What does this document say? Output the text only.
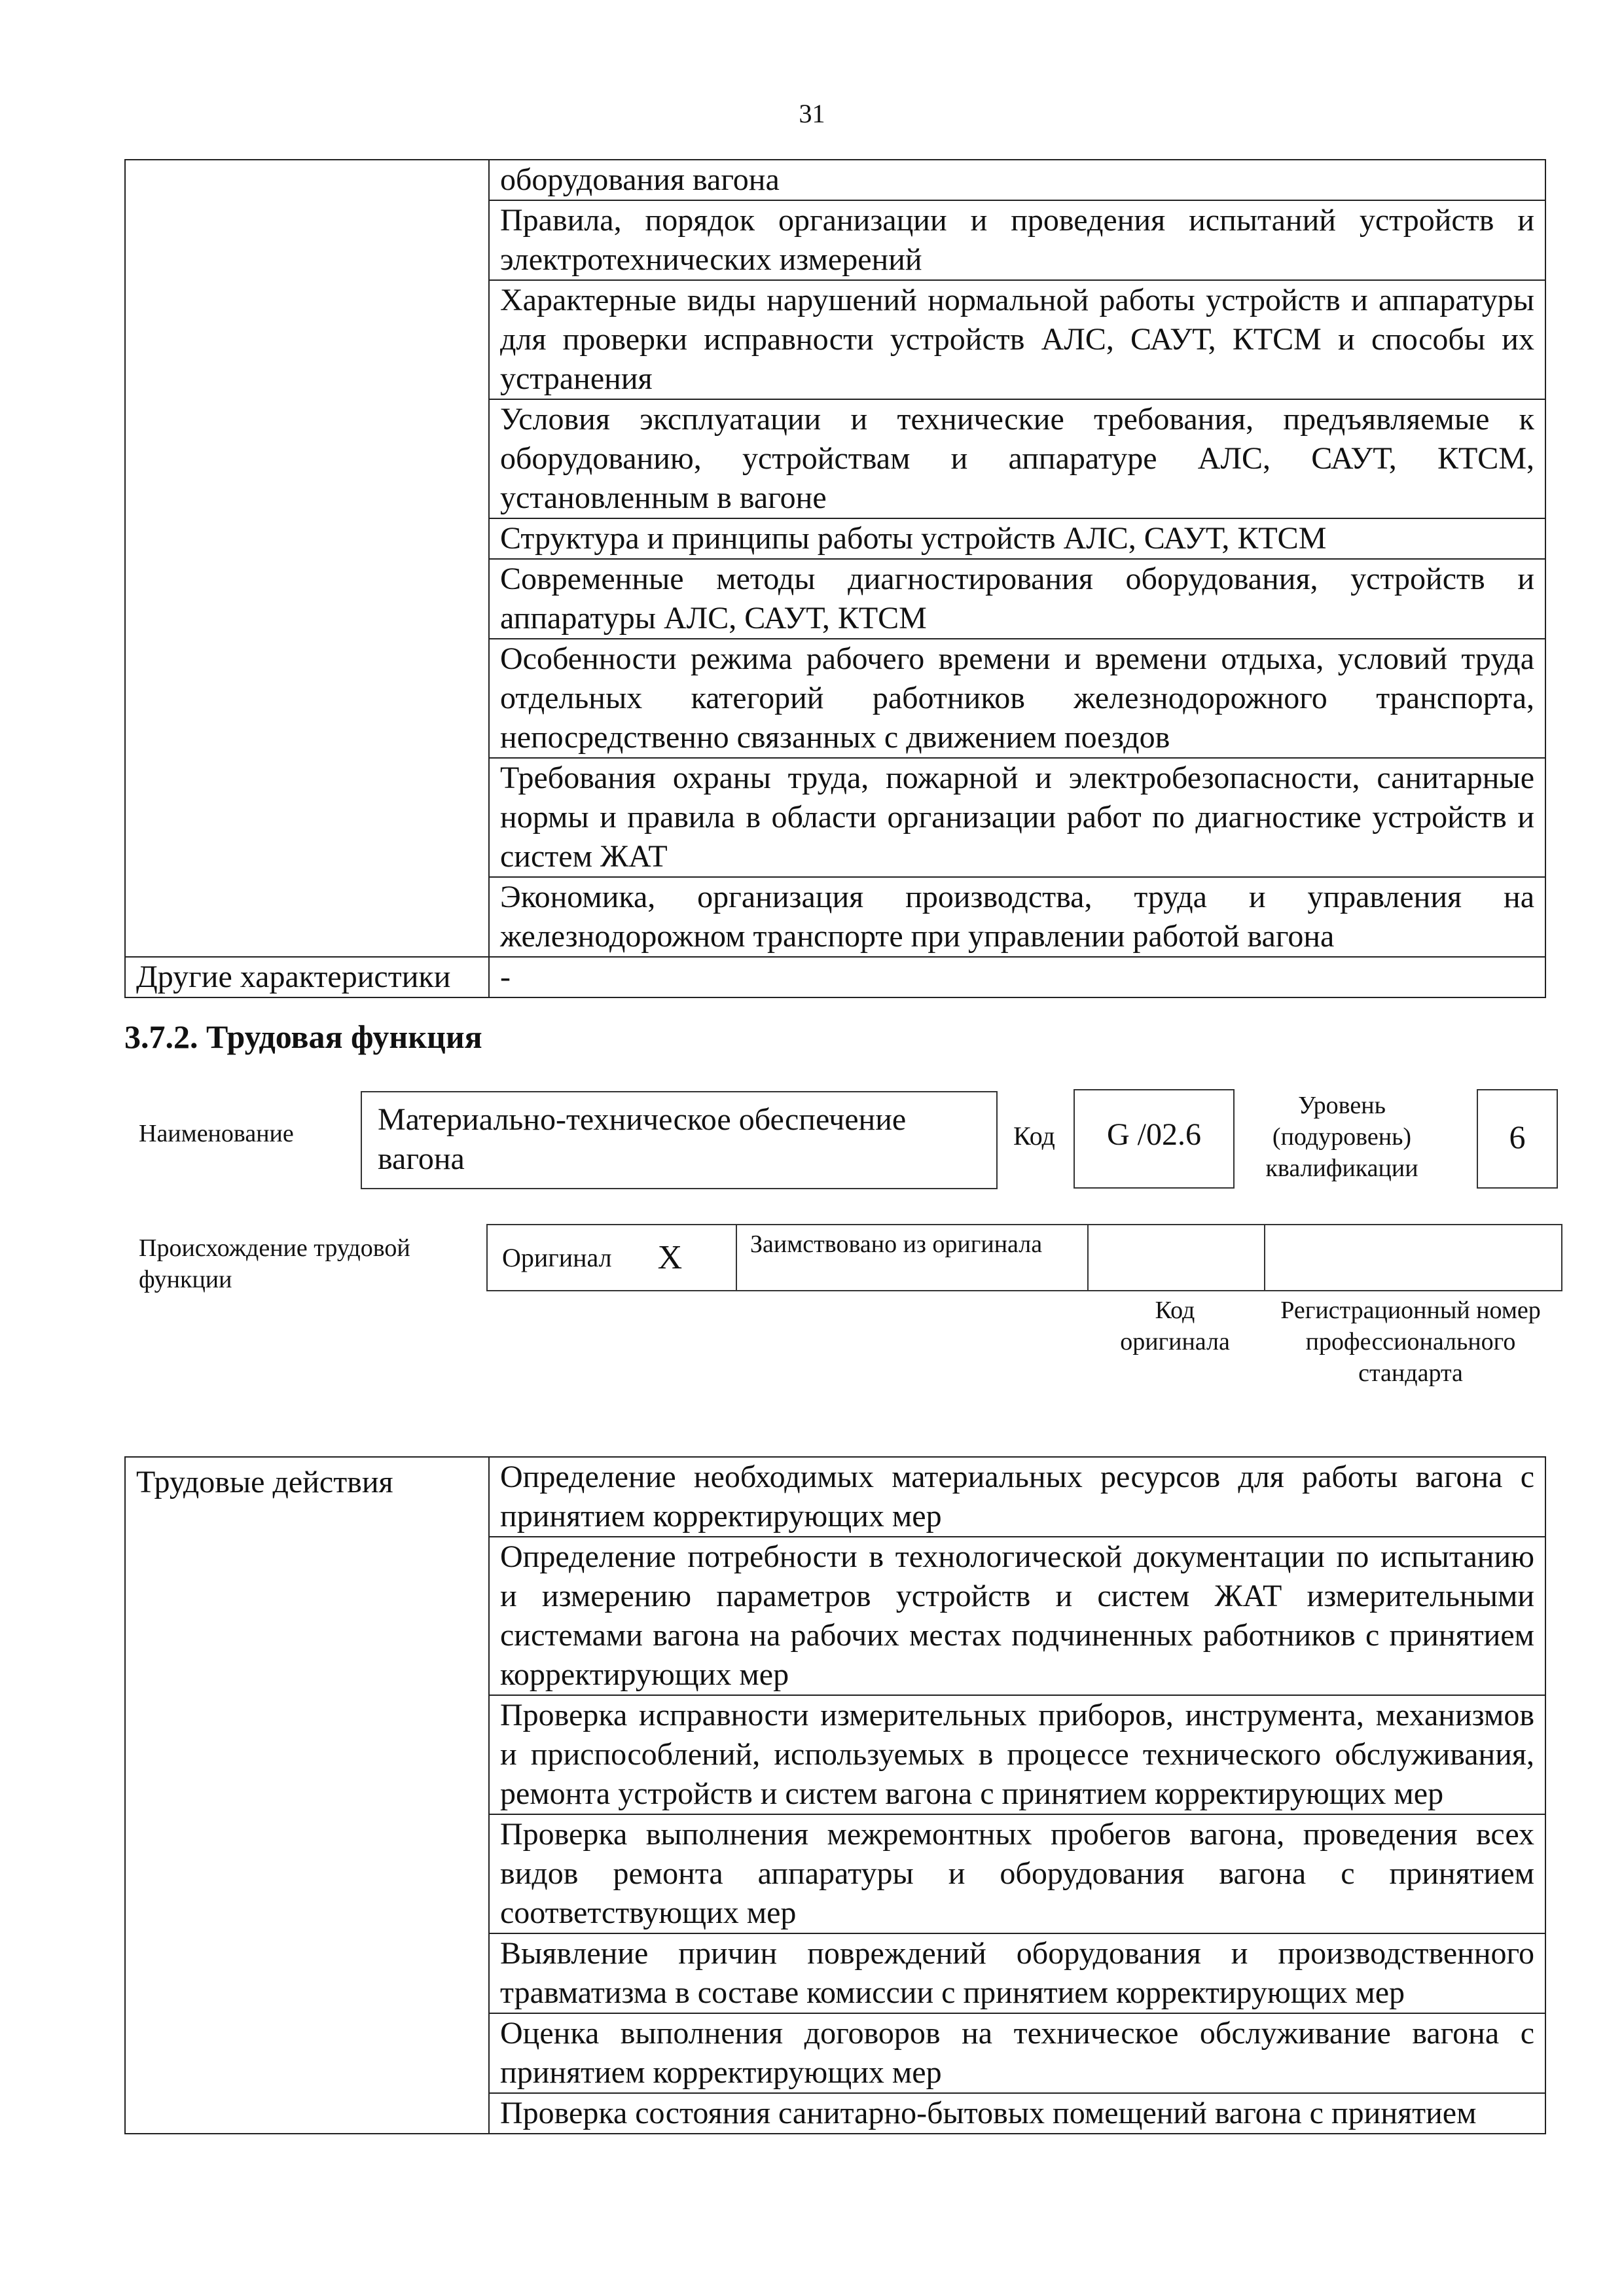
31
	оборудования вагона
	Правила, порядок организации и проведения испытаний устройств и электротехнических измерений
	Характерные виды нарушений нормальной работы устройств и аппаратуры для проверки исправности устройств АЛС, САУТ, КТСМ и способы их устранения
	Условия эксплуатации и технические требования, предъявляемые к оборудованию, устройствам и аппаратуре АЛС, САУТ, КТСМ, установленным в вагоне
	Структура и принципы работы устройств АЛС, САУТ, КТСМ
	Современные методы диагностирования оборудования, устройств и аппаратуры АЛС, САУТ, КТСМ
	Особенности режима рабочего времени и времени отдыха, условий труда отдельных категорий работников железнодорожного транспорта, непосредственно связанных с движением поездов
	Требования охраны труда, пожарной и электробезопасности, санитарные нормы и правила в области организации работ по диагностике устройств и систем ЖАТ
	Экономика, организация производства, труда и управления на железнодорожном транспорте при управлении работой вагона
Другие характеристики	-
3.7.2. Трудовая функция
Наименование	Материально-техническое обеспечение вагона
Код G /02.6
Уровень (подуровень) квалификации
6
Происхождение трудовой функции
Оригинал X	Заимствовано из оригинала
Код оригинала
Регистрационный номер профессионального стандарта
Трудовые действия	Определение необходимых материальных ресурсов для работы вагона с принятием корректирующих мер
Определение потребности в технологической документации по испытанию и измерению параметров устройств и систем ЖАТ измерительными системами вагона на рабочих местах подчиненных работников с принятием корректирующих мер
Проверка исправности измерительных приборов, инструмента, механизмов и приспособлений, используемых в процессе технического обслуживания, ремонта устройств и систем вагона с принятием корректирующих мер
Проверка выполнения межремонтных пробегов вагона, проведения всех видов ремонта аппаратуры и оборудования вагона с принятием соответствующих мер
Выявление причин повреждений оборудования и производственного травматизма в составе комиссии с принятием корректирующих мер
Оценка выполнения договоров на техническое обслуживание вагона с принятием корректирующих мер
Проверка состояния санитарно-бытовых помещений вагона с принятием
